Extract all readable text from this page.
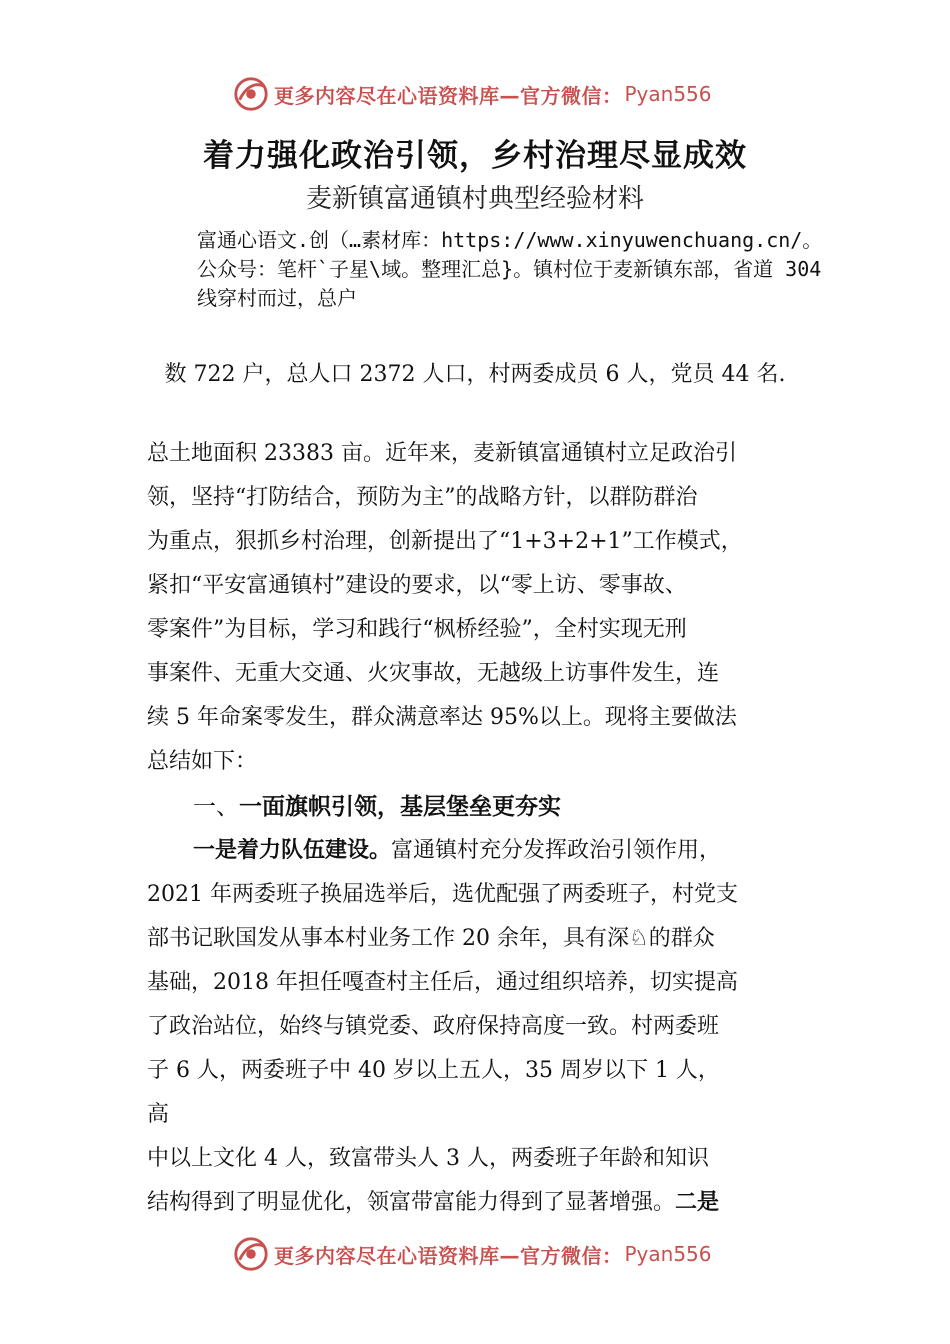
更多内容尽在心语资料库—官方微信： Pyan556
着力强化政治引领，乡村治理尽显成效
麦新镇富通镇村典型经验材料

富通心语文.创（…素材库：https://www.xinyuwenchuang.cn/。公众号：笔杆`子星\域。整理汇总}。镇村位于麦新镇东部，省道 304 线穿村而过，总户

数 722 户，总人口 2372 人口，村两委成员 6 人，党员 44 名.

总土地面积 23383 亩。近年来，麦新镇富通镇村立足政治引

领，坚持“打防结合，预防为主”的战略方针，以群防群治

为重点，狠抓乡村治理，创新提出了“1+3+2+1”工作模式，

紧扣“平安富通镇村”建设的要求，以“零上访、零事故、

零案件”为目标，学习和践行“枫桥经验”，全村实现无刑

事案件、无重大交通、火灾事故，无越级上访事件发生，连

续 5 年命案零发生，群众满意率达 95%以上。现将主要做法

总结如下：

一、一面旗帜引领，基层堡垒更夯实

一是着力队伍建设。富通镇村充分发挥政治引领作用，

2021 年两委班子换届选举后，选优配强了两委班子，村党支

部书记耿国发从事本村业务工作 20 余年，具有深♘的群众

基础，2018 年担任嘎查村主任后，通过组织培养，切实提高

了政治站位，始终与镇党委、政府保持高度一致。村两委班

子 6 人，两委班子中 40 岁以上五人，35 周岁以下 1 人，

高

中以上文化 4 人，致富带头人 3 人，两委班子年龄和知识

结构得到了明显优化，领富带富能力得到了显著增强。二是

更多内容尽在心语资料库—官方微信： Pyan556
